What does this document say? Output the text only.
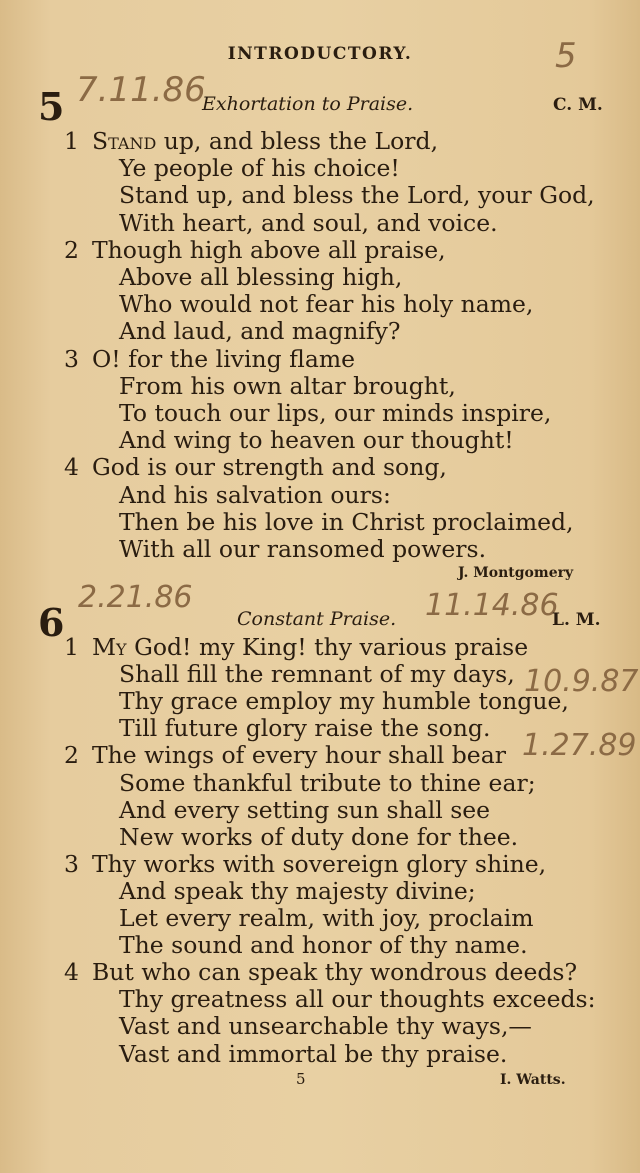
INTRODUCTORY.	5
5 7.11.86
Exhortation to Praise.	C. M.
1 Stand up, and bless the Lord,
Ye people of his choice!
Stand up, and bless the Lord, your God,
With heart, and soul, and voice.
2 Though high above all praise,
Above all blessing high,
Who would not fear his holy name,
And laud, and magnify?
3 O! for the living flame
From his own altar brought,
To touch our lips, our minds inspire,
And wing to heaven our thought!
4 God is our strength and song,
And his salvation ours:
Then be his love in Christ proclaimed,
With all our ransomed powers.
J. Montgomery
6
2.21.86
Constant Praise. 11.14.86
L. M.
1 My God! my King! thy various praise
Shall fill the remnant of my days,
Thy grace employ my humble tongue,
Till future glory raise the song.
2 The wings of every hour shall bear
Some thankful tribute to thine ear;
And every setting sun shall see
New works of duty done for thee.
3 Thy works with sovereign glory shine,
And speak thy majesty divine;
Let every realm, with joy, proclaim
The sound and honor of thy name.
4 But who can speak thy wondrous deeds?
Thy greatness all our thoughts exceeds:
Vast and unsearchable thy ways,—
Vast and immortal be thy praise.
10.9.87
1.27.89
5	I. Watts.
